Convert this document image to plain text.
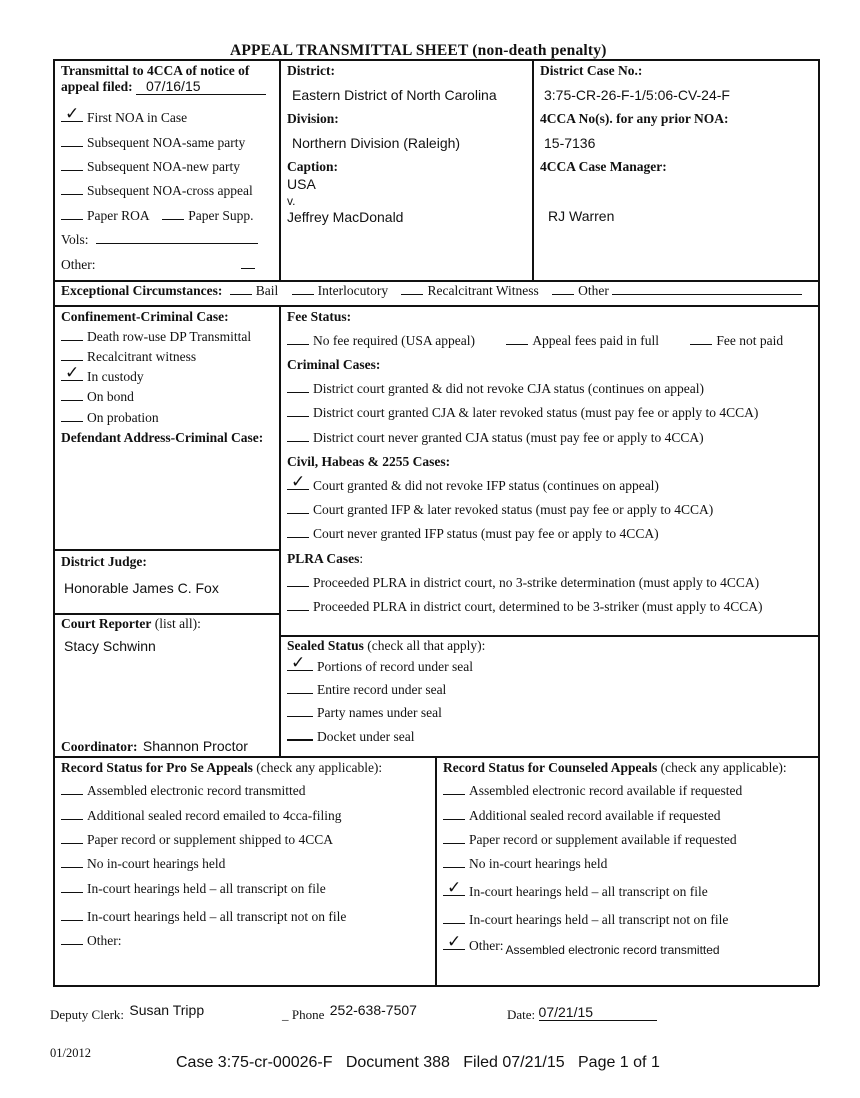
APPEAL TRANSMITTAL SHEET (non-death penalty)
Transmittal to 4CCA of notice of
appeal filed: 07/16/15
✓ First NOA in Case
Subsequent NOA-same party
Subsequent NOA-new party
Subsequent NOA-cross appeal
Paper ROA	Paper Supp.
Vols:
Other:
District:
Eastern District of North Carolina
Division:
Northern Division (Raleigh)
Caption:
USA
v.
Jeffrey MacDonald
District Case No.:
3:75-CR-26-F-1/5:06-CV-24-F
4CCA No(s). for any prior NOA:
15-7136
4CCA Case Manager:
RJ Warren
Exceptional Circumstances: Bail	Interlocutory	Recalcitrant Witness	Other
Confinement-Criminal Case:
Death row-use DP Transmittal
Recalcitrant witness
✓ In custody
On bond
On probation
Defendant Address-Criminal Case:
District Judge:
Honorable James C. Fox
Court Reporter (list all):
Stacy Schwinn
Coordinator: Shannon Proctor
Fee Status:
No fee required (USA appeal)	Appeal fees paid in full	Fee not paid
Criminal Cases:
District court granted & did not revoke CJA status (continues on appeal)
District court granted CJA & later revoked status (must pay fee or apply to 4CCA)
District court never granted CJA status (must pay fee or apply to 4CCA)
Civil, Habeas & 2255 Cases:
✓ Court granted & did not revoke IFP status (continues on appeal)
Court granted IFP & later revoked status (must pay fee or apply to 4CCA)
Court never granted IFP status (must pay fee or apply to 4CCA)
PLRA Cases:
Proceeded PLRA in district court, no 3-strike determination (must apply to 4CCA)
Proceeded PLRA in district court, determined to be 3-striker (must apply to 4CCA)
Sealed Status (check all that apply):
✓ Portions of record under seal
Entire record under seal
Party names under seal
Docket under seal
Record Status for Pro Se Appeals (check any applicable):
Assembled electronic record transmitted
Additional sealed record emailed to 4cca-filing
Paper record or supplement shipped to 4CCA
No in-court hearings held
In-court hearings held – all transcript on file
In-court hearings held – all transcript not on file
Other:
Record Status for Counseled Appeals (check any applicable):
Assembled electronic record available if requested
Additional sealed record available if requested
Paper record or supplement available if requested
No in-court hearings held
✓ In-court hearings held – all transcript on file
In-court hearings held – all transcript not on file
✓ Other: Assembled electronic record transmitted
Deputy Clerk: Susan Tripp	_ Phone 252-638-7507	Date: 07/21/15
01/2012
Case 3:75-cr-00026-F   Document 388   Filed 07/21/15   Page 1 of 1
